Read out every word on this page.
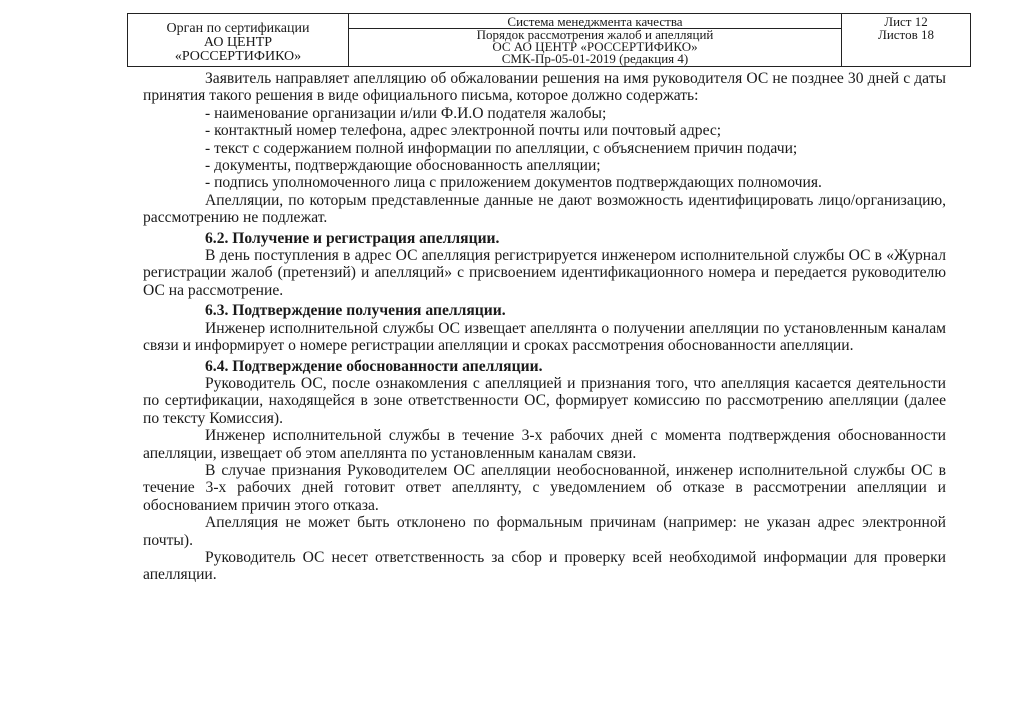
Орган по сертификации
АО ЦЕНТР
«РОССЕРТИФИКО»

Система менеджмента качества
Порядок рассмотрения жалоб и апелляций
ОС АО ЦЕНТР «РОССЕРТИФИКО»
СМК-Пр-05-01-2019 (редакция 4)

Лист 12
Листов 18

Заявитель направляет апелляцию об обжаловании решения на имя руководителя ОС не позднее 30 дней с даты принятия такого решения в виде официального письма, которое должно содержать:

- наименование организации и/или Ф.И.О подателя жалобы;

- контактный номер телефона, адрес электронной почты или почтовый адрес;

- текст с содержанием полной информации по апелляции, с объяснением причин подачи;

- документы, подтверждающие обоснованность апелляции;

- подпись уполномоченного лица с приложением документов подтверждающих полномочия.

Апелляции, по которым представленные данные не дают возможность идентифицировать лицо/организацию, рассмотрению не подлежат.

6.2. Получение и регистрация апелляции.

В день поступления в адрес ОС апелляция регистрируется инженером исполнительной службы ОС в «Журнал регистрации жалоб (претензий) и апелляций» с присвоением идентификационного номера и передается руководителю ОС на рассмотрение.

6.3. Подтверждение получения апелляции.

Инженер исполнительной службы ОС извещает апеллянта о получении апелляции по установленным каналам связи и информирует о номере регистрации апелляции и сроках рассмотрения обоснованности апелляции.

6.4. Подтверждение обоснованности апелляции.

Руководитель ОС, после ознакомления с апелляцией и признания того, что апелляция касается деятельности по сертификации, находящейся в зоне ответственности ОС, формирует комиссию по рассмотрению апелляции (далее по тексту Комиссия).

Инженер исполнительной службы в течение 3-х рабочих дней с момента подтверждения обоснованности апелляции, извещает об этом апеллянта по установленным каналам связи.

В случае признания Руководителем ОС апелляции необоснованной, инженер исполнительной службы ОС в течение 3-х рабочих дней готовит ответ апеллянту, с уведомлением об отказе в рассмотрении апелляции и обоснованием причин этого отказа.

Апелляция не может быть отклонено по формальным причинам (например: не указан адрес электронной почты).

Руководитель ОС несет ответственность за сбор и проверку всей необходимой информации для проверки апелляции.
